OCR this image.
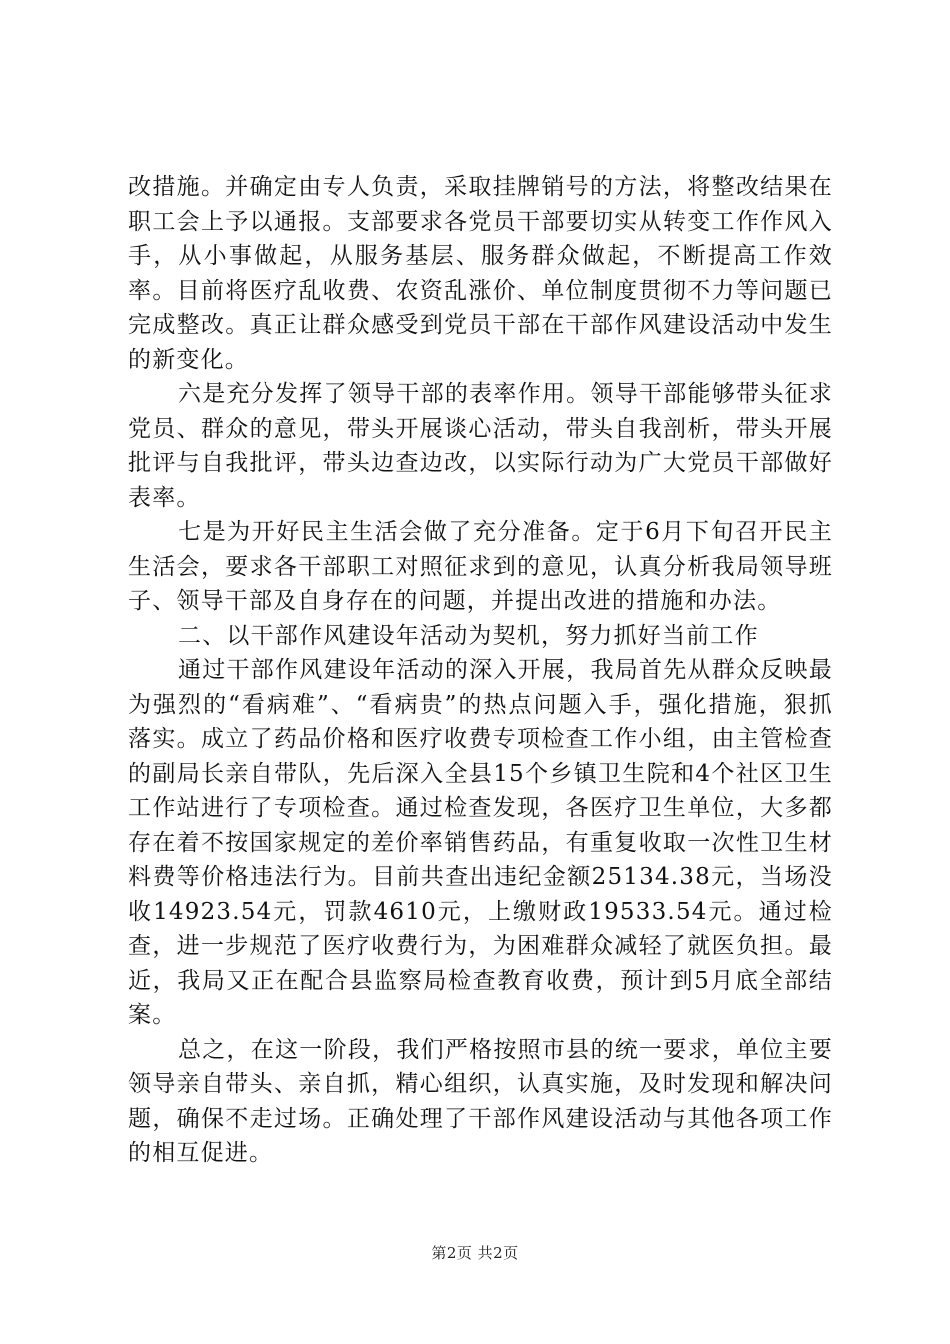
改措施。并确定由专人负责，采取挂牌销号的方法，将整改结果在职工会上予以通报。支部要求各党员干部要切实从转变工作作风入手，从小事做起，从服务基层、服务群众做起，不断提高工作效率。目前将医疗乱收费、农资乱涨价、单位制度贯彻不力等问题已完成整改。真正让群众感受到党员干部在干部作风建设活动中发生的新变化。

六是充分发挥了领导干部的表率作用。领导干部能够带头征求党员、群众的意见，带头开展谈心活动，带头自我剖析，带头开展批评与自我批评，带头边查边改，以实际行动为广大党员干部做好表率。

七是为开好民主生活会做了充分准备。定于6月下旬召开民主生活会，要求各干部职工对照征求到的意见，认真分析我局领导班子、领导干部及自身存在的问题，并提出改进的措施和办法。

二、以干部作风建设年活动为契机，努力抓好当前工作

通过干部作风建设年活动的深入开展，我局首先从群众反映最为强烈的“看病难”、“看病贵”的热点问题入手，强化措施，狠抓落实。成立了药品价格和医疗收费专项检查工作小组，由主管检查的副局长亲自带队，先后深入全县15个乡镇卫生院和4个社区卫生工作站进行了专项检查。通过检查发现，各医疗卫生单位，大多都存在着不按国家规定的差价率销售药品，有重复收取一次性卫生材料费等价格违法行为。目前共查出违纪金额25134.38元，当场没收14923.54元，罚款4610元，上缴财政19533.54元。通过检查，进一步规范了医疗收费行为，为困难群众减轻了就医负担。最近，我局又正在配合县监察局检查教育收费，预计到5月底全部结案。

总之，在这一阶段，我们严格按照市县的统一要求，单位主要领导亲自带头、亲自抓，精心组织，认真实施，及时发现和解决问题，确保不走过场。正确处理了干部作风建设活动与其他各项工作的相互促进。

第2页 共2页
